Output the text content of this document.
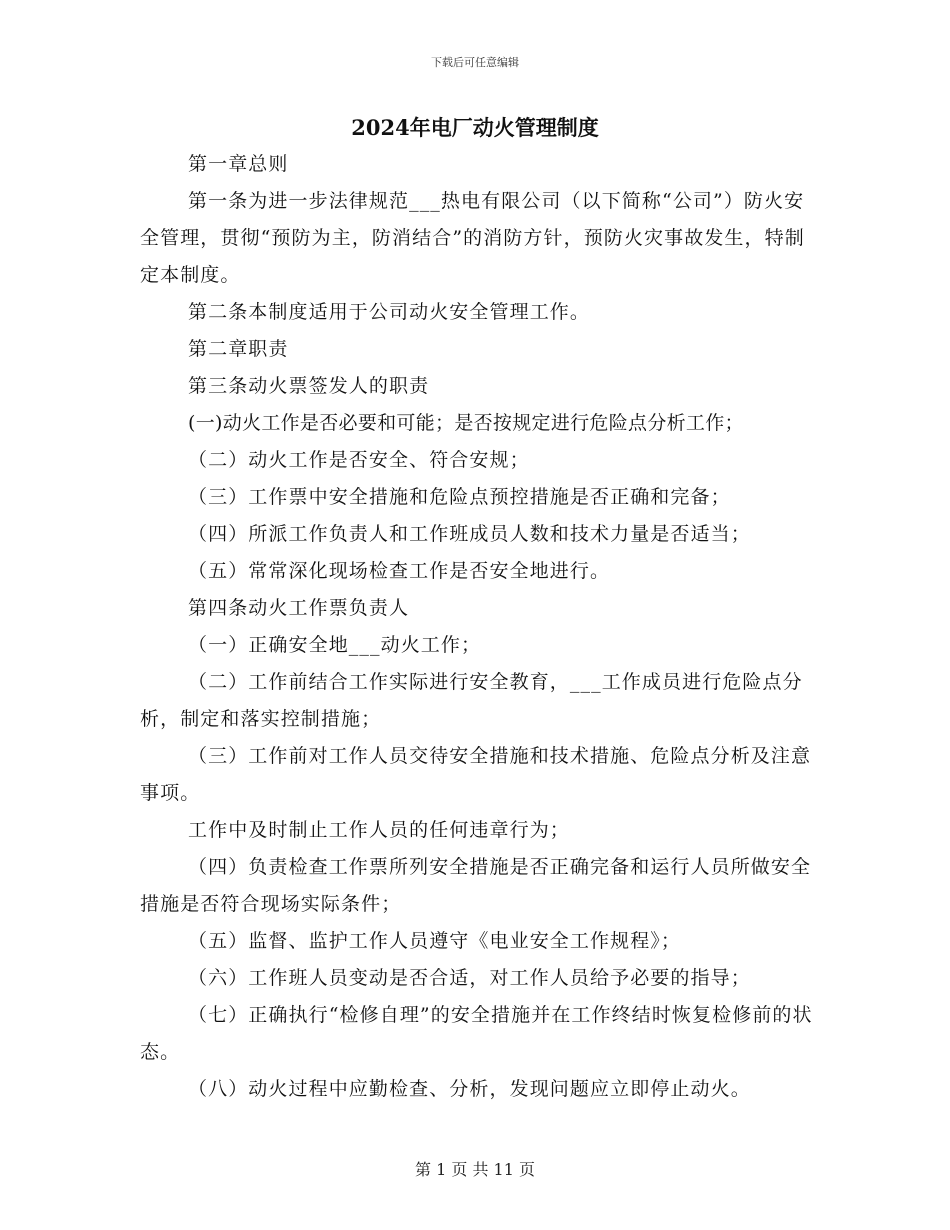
下载后可任意编辑
2024年电厂动火管理制度

第一章总则

第一条为进一步法律规范___热电有限公司（以下简称“公司”）防火安全管理，贯彻“预防为主，防消结合”的消防方针，预防火灾事故发生，特制定本制度。

第二条本制度适用于公司动火安全管理工作。

第二章职责

第三条动火票签发人的职责

(一)动火工作是否必要和可能；是否按规定进行危险点分析工作；

（二）动火工作是否安全、符合安规；

（三）工作票中安全措施和危险点预控措施是否正确和完备；

（四）所派工作负责人和工作班成员人数和技术力量是否适当；

（五）常常深化现场检查工作是否安全地进行。

第四条动火工作票负责人

（一）正确安全地___动火工作；

（二）工作前结合工作实际进行安全教育，___工作成员进行危险点分析，制定和落实控制措施；

（三）工作前对工作人员交待安全措施和技术措施、危险点分析及注意事项。

工作中及时制止工作人员的任何违章行为；

（四）负责检查工作票所列安全措施是否正确完备和运行人员所做安全措施是否符合现场实际条件；

（五）监督、监护工作人员遵守《电业安全工作规程》；

（六）工作班人员变动是否合适，对工作人员给予必要的指导；

（七）正确执行“检修自理”的安全措施并在工作终结时恢复检修前的状态。

（八）动火过程中应勤检查、分析，发现问题应立即停止动火。

第 1 页 共 11 页
